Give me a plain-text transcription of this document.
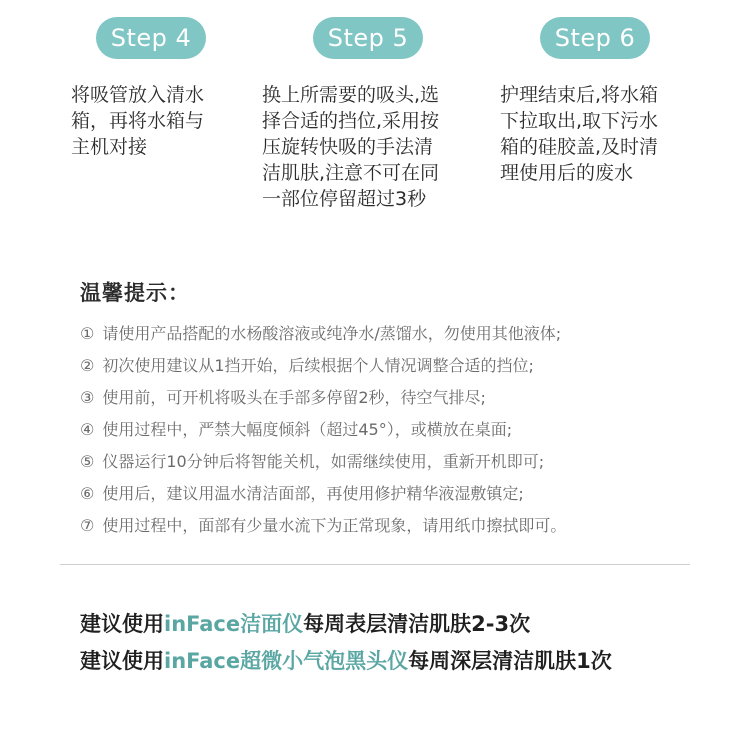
Step 4
将吸管放入清水
箱，再将水箱与
主机对接
Step 5
换上所需要的吸头,选
择合适的挡位,采用按
压旋转快吸的手法清
洁肌肤,注意不可在同
一部位停留超过3秒
Step 6
护理结束后,将水箱
下拉取出,取下污水
箱的硅胶盖,及时清
理使用后的废水
温馨提示：
① 请使用产品搭配的水杨酸溶液或纯净水/蒸馏水，勿使用其他液体;
② 初次使用建议从1挡开始，后续根据个人情况调整合适的挡位;
③ 使用前，可开机将吸头在手部多停留2秒，待空气排尽;
④ 使用过程中，严禁大幅度倾斜（超过45°），或横放在桌面;
⑤ 仪器运行10分钟后将智能关机，如需继续使用，重新开机即可;
⑥ 使用后，建议用温水清洁面部，再使用修护精华液湿敷镇定;
⑦ 使用过程中，面部有少量水流下为正常现象，请用纸巾擦拭即可。
建议使用inFace洁面仪每周表层清洁肌肤2-3次
建议使用inFace超微小气泡黑头仪每周深层清洁肌肤1次
